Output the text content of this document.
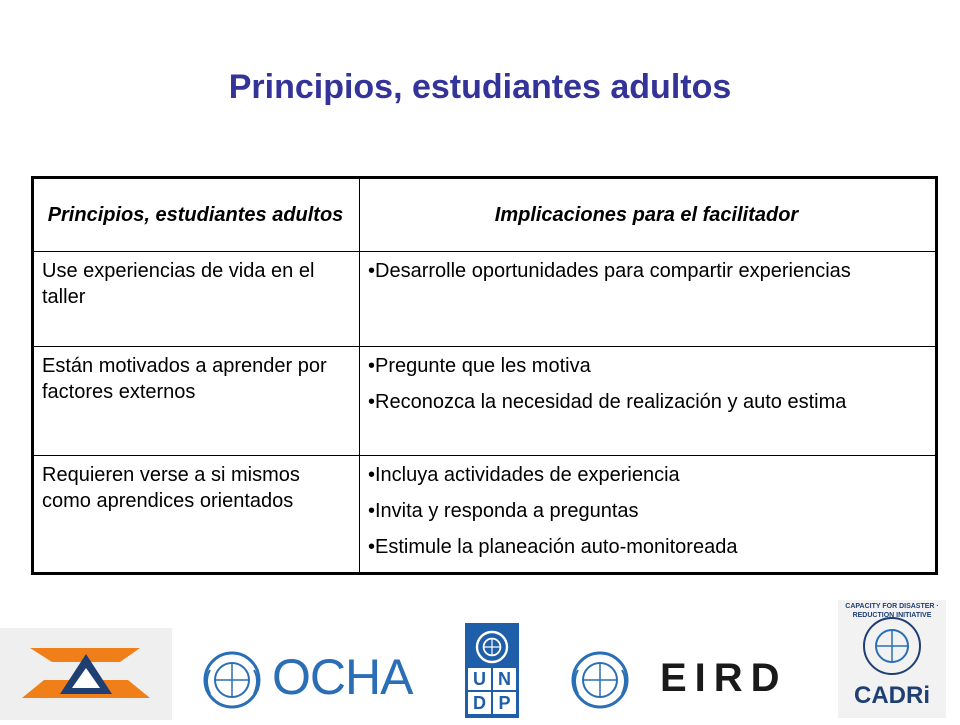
Principios, estudiantes adultos
Principios, estudiantes adultos	Implicaciones para el facilitador
Use experiencias de vida en el taller	•Desarrolle oportunidades para compartir experiencias

Están motivados a aprender por factores externos	•Pregunte que les motiva

•Reconozca la necesidad de realización y auto estima

Requieren verse a si mismos como aprendices orientados	•Incluya actividades de experiencia

•Invita y responda a preguntas

•Estimule la planeación auto-monitoreada

OCHA	U N
D P
EIRD
CAPACITY FOR DISASTER · REDUCTION INITIATIVE
CADRi
